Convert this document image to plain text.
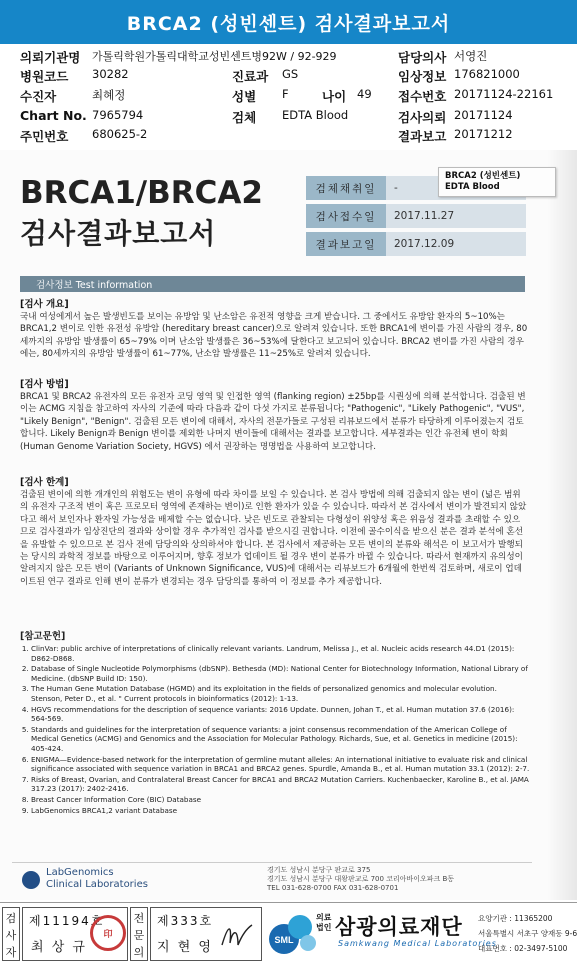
BRCA2 (성빈센트) 검사결과보고서
의뢰기관명 가톨릭학원가톨릭대학교성빈센트병92W / 92-929	담당의사 서영진
병원코드 30282	진료과 GS	임상정보 176821000
수진자	최혜정	성별 F	나이 49 접수번호 20171124-22161
Chart No. 7965794	검체 EDTA Blood	검사의뢰 20171124
주민번호 680625-2	결과보고 20171212
BRCA1/BRCA2
검사결과보고서
검체채취일	-
검사접수일	2017.11.27
결과보고일	2017.12.09
BRCA2 (성빈센트)
EDTA Blood
검사정보 Test information
[검사 개요]
국내 여성에게서 높은 발생빈도를 보이는 유방암 및 난소암은 유전적 영향을 크게 받습니다. 그 중에서도 유방암 환자의 5~10%는 BRCA1,2 변이로 인한 유전성 유방암 (hereditary breast cancer)으로 알려져 있습니다. 또한 BRCA1에 변이를 가진 사람의 경우, 80세까지의 유방암 발생률이 65~79% 이며 난소암 발생률은 36~53%에 달한다고 보고되어 있습니다. BRCA2 변이를 가진 사람의 경우에는, 80세까지의 유방암 발생률이 61~77%, 난소암 발생률은 11~25%로 알려져 있습니다.
[검사 방법]
BRCA1 및 BRCA2 유전자의 모든 유전자 코딩 영역 및 인접한 영역 (flanking region) ±25bp를 시퀀싱에 의해 분석합니다. 검출된 변이는 ACMG 지침을 참고하여 자사의 기준에 따라 다음과 같이 다섯 가지로 분류됩니다; "Pathogenic", "Likely Pathogenic", "VUS", "Likely Benign", "Benign". 검출된 모든 변이에 대해서, 자사의 전문가들로 구성된 리뷰보드에서 분류가 타당하게 이루어졌는지 검토합니다. Likely Benign과 Benign 변이를 제외한 나머지 변이들에 대해서는 결과를 보고합니다. 세부결과는 인간 유전체 변이 학회 (Human Genome Variation Society, HGVS) 에서 권장하는 명명법을 사용하여 보고합니다.
[검사 한계]
검출된 변이에 의한 개개인의 위험도는 변이 유형에 따라 차이를 보일 수 있습니다. 본 검사 방법에 의해 검출되지 않는 변이 (넓은 범위의 유전자 구조적 변이 혹은 프로모터 영역에 존재하는 변이)로 인한 환자가 있을 수 있습니다. 따라서 본 검사에서 변이가 발견되지 않았다고 해서 보인자나 환자일 가능성을 배제할 수는 없습니다. 낮은 빈도로 관찰되는 다형성이 위양성 혹은 위음성 결과를 초래할 수 있으므로 검사결과가 임상진단의 결과와 상이할 경우 추가적인 검사를 받으시길 권합니다. 이전에 골수이식을 받으신 분은 결과 분석에 혼선을 유발할 수 있으므로 본 검사 전에 담당의와 상의하셔야 합니다. 본 검사에서 제공하는 모든 변이의 분류와 해석은 이 보고서가 발행되는 당시의 과학적 정보를 바탕으로 이루어지며, 향후 정보가 업데이트 될 경우 변이 분류가 바뀔 수 있습니다. 따라서 현재까지 유의성이 알려지지 않은 모든 변이 (Variants of Unknown Significance, VUS)에 대해서는 리뷰보드가 6개월에 한번씩 검토하며, 새로이 업데이트된 연구 결과로 인해 변이 분류가 변경되는 경우 담당의를 통하여 이 정보를 추가 제공합니다.
[참고문헌]
1. ClinVar: public archive of interpretations of clinically relevant variants. Landrum, Melissa J., et al. Nucleic acids research 44.D1 (2015): D862-D868.
2. Database of Single Nucleotide Polymorphisms (dbSNP). Bethesda (MD): National Center for Biotechnology Information, National Library of Medicine. (dbSNP Build ID: 150).
3. The Human Gene Mutation Database (HGMD) and its exploitation in the fields of personalized genomics and molecular evolution. Stenson, Peter D., et al. " Current protocols in bioinformatics (2012): 1-13.
4. HGVS recommendations for the description of sequence variants: 2016 Update. Dunnen, Johan T., et al. Human mutation 37.6 (2016): 564-569.
5. Standards and guidelines for the interpretation of sequence variants: a joint consensus recommendation of the American College of Medical Genetics (ACMG) and Genomics and the Association for Molecular Pathology. Richards, Sue, et al. Genetics in medicine (2015): 405-424.
6. ENIGMA—Evidence-based network for the interpretation of germline mutant alleles: An international initiative to evaluate risk and clinical significance associated with sequence variation in BRCA1 and BRCA2 genes. Spurdle, Amanda B., et al. Human mutation 33.1 (2012): 2-7.
7. Risks of Breast, Ovarian, and Contralateral Breast Cancer for BRCA1 and BRCA2 Mutation Carriers. Kuchenbaecker, Karoline B., et al. JAMA 317.23 (2017): 2402-2416.
8. Breast Cancer Information Core (BIC) Database
9. LabGenomics BRCA1,2 variant Database
LabGenomics
Clinical Laboratories
경기도 성남시 분당구 판교로 375
경기도 성남시 분당구 대왕판교로 700 코리아바이오파크 B동
TEL 031-628-0700 FAX 031-628-0701
검사자
제11194호
최 상 규
印
전문의
제333호
지 현 영	SML
의료법인 삼광의료재단
Samkwang Medical Laboratories
요양기관 : 11365200
서울특별시 서초구 양재동 9-6
대표번호 : 02-3497-5100
